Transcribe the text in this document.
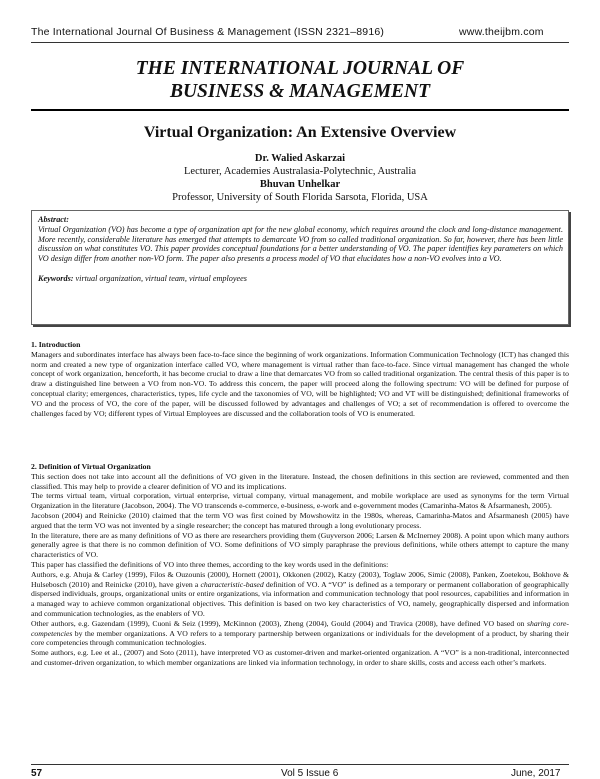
The International Journal Of Business & Management (ISSN 2321–8916)	www.theijbm.com
THE INTERNATIONAL JOURNAL OF
BUSINESS & MANAGEMENT
Virtual Organization: An Extensive Overview
Dr. Walied Askarzai
Lecturer, Academies Australasia-Polytechnic, Australia
Bhuvan Unhelkar
Professor, University of South Florida Sarsota, Florida, USA
Abstract:
Virtual Organization (VO) has become a type of organization apt for the new global economy, which requires around the clock and long-distance management. More recently, considerable literature has emerged that attempts to demarcate VO from so called traditional organization. So far, however, there has been little discussion on what constitutes VO. This paper provides conceptual foundations for a better understanding of VO. The paper identifies key parameters on which VO design differ from another non-VO form. The paper also presents a process model of VO that elucidates how a non-VO evolves into a VO.
Keywords: virtual organization, virtual team, virtual employees

1. Introduction

Managers and subordinates interface has always been face-to-face since the beginning of work organizations. Information Communication Technology (ICT) has changed this norm and created a new type of organization interface called VO, where management is virtual rather than face-to-face. Since virtual management has changed the whole concept of work organization, henceforth, it has become crucial to draw a line that demarcates VO from so called traditional organization. The central thesis of this paper is to draw a distinguished line between a VO from non-VO. To address this concern, the paper will proceed along the following spectrum: VO will be defined for purpose of conceptual clarity; emergences, characteristics, types, life cycle and the taxonomies of VO, will be highlighted; VO and VT will be distinguished; definitional frameworks of VO and the process of VO, the core of the paper, will be discussed followed by advantages and challenges of VO; a set of recommendation is offered to overcome the challenges faced by VO; different types of Virtual Employees are discussed and the collaboration tools of VO is enumerated.

2. Definition of Virtual Organization

This section does not take into account all the definitions of VO given in the literature. Instead, the chosen definitions in this section are reviewed, commented and then classified. This may help to provide a clearer definition of VO and its implications.

The terms virtual team, virtual corporation, virtual enterprise, virtual company, virtual management, and mobile workplace are used as synonyms for the term Virtual Organization in the literature (Jacobson, 2004). The VO transcends e-commerce, e-business, e-work and e-government modes (Camarinha-Matos & Afsarmanesh, 2005).

Jacobson (2004) and Reinicke (2010) claimed that the term VO was first coined by Mowshowitz in the 1980s, whereas, Camarinha-Matos and Afsarmanesh (2005) have argued that the term VO was not invented by a single researcher; the concept has matured through a long evolutionary process.

In the literature, there are as many definitions of VO as there are researchers providing them (Guyverson 2006; Larsen & McInerney 2008). A point upon which many authors generally agree is that there is no common definition of VO. Some definitions of VO simply paraphrase the previous definitions, while others attempt to capture the many characteristics of VO.

This paper has classified the definitions of VO into three themes, according to the key words used in the definitions:

Authors, e.g. Ahuja & Carley (1999), Filos & Ouzounis (2000), Hornett (2001), Okkonen (2002), Katzy (2003), Toglaw 2006, Simic (2008), Panken, Zoetekou, Bokhove & Hulsebosch (2010) and Reinicke (2010), have given a characteristic-based definition of VO. A “VO” is defined as a temporary or permanent collaboration of geographically dispersed individuals, groups, organizational units or entire organizations, via information and communication technology that pool resources, capabilities and information in a managed way to achieve common organizational objectives. This definition is based on two key characteristics of VO, namely, geographically dispersed and information and communication technologies, as the enablers of VO.

Other authors, e.g. Gazendam (1999), Cuoni & Seiz (1999), McKinnon (2003), Zheng (2004), Gould (2004) and Travica (2008), have defined VO based on sharing core-competencies by the member organizations. A VO refers to a temporary partnership between organizations or individuals for the development of a product, by sharing their core competencies through communication technologies.

Some authors, e.g. Lee et al., (2007) and Soto (2011), have interpreted VO as customer-driven and market-oriented organization. A “VO” is a non-traditional, interconnected and customer-driven organization, to which member organizations are linked via information technology, in order to share skills, costs and access each other’s markets.

57	Vol 5 Issue 6	June, 2017
